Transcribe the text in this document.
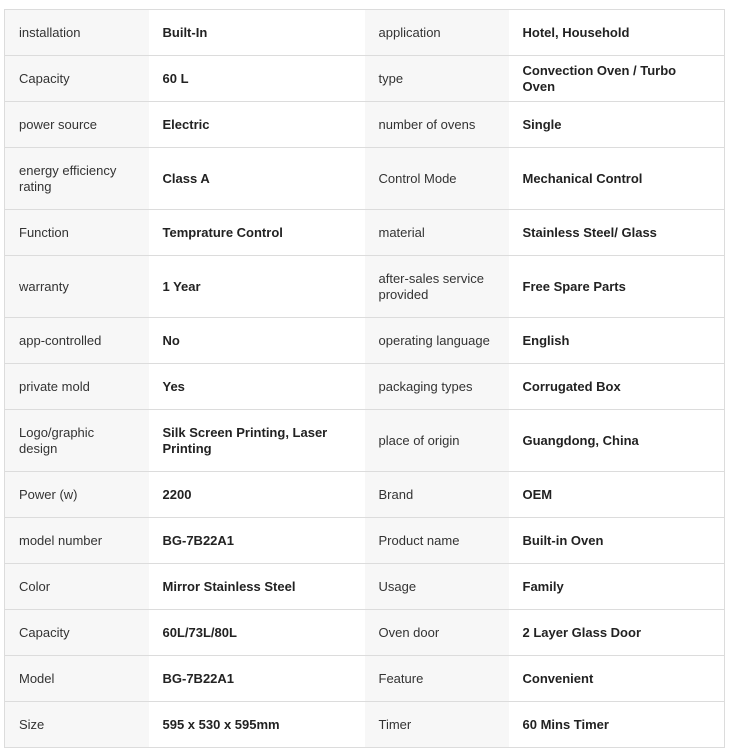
installation	Built-In	application	Hotel, Household
Capacity	60 L	type	Convection Oven / Turbo Oven
power source	Electric	number of ovens	Single
energy efficiency rating	Class A	Control Mode	Mechanical Control
Function	Temprature Control	material	Stainless Steel/ Glass
warranty	1 Year	after-sales service provided	Free Spare Parts
app-controlled	No	operating language	English
private mold	Yes	packaging types	Corrugated Box
Logo/graphic design	Silk Screen Printing, Laser Printing	place of origin	Guangdong, China
Power (w)	2200	Brand	OEM
model number	BG-7B22A1	Product name	Built-in Oven
Color	Mirror Stainless Steel	Usage	Family
Capacity	60L/73L/80L	Oven door	2 Layer Glass Door
Model	BG-7B22A1	Feature	Convenient
Size	595 x 530 x 595mm	Timer	60 Mins Timer
